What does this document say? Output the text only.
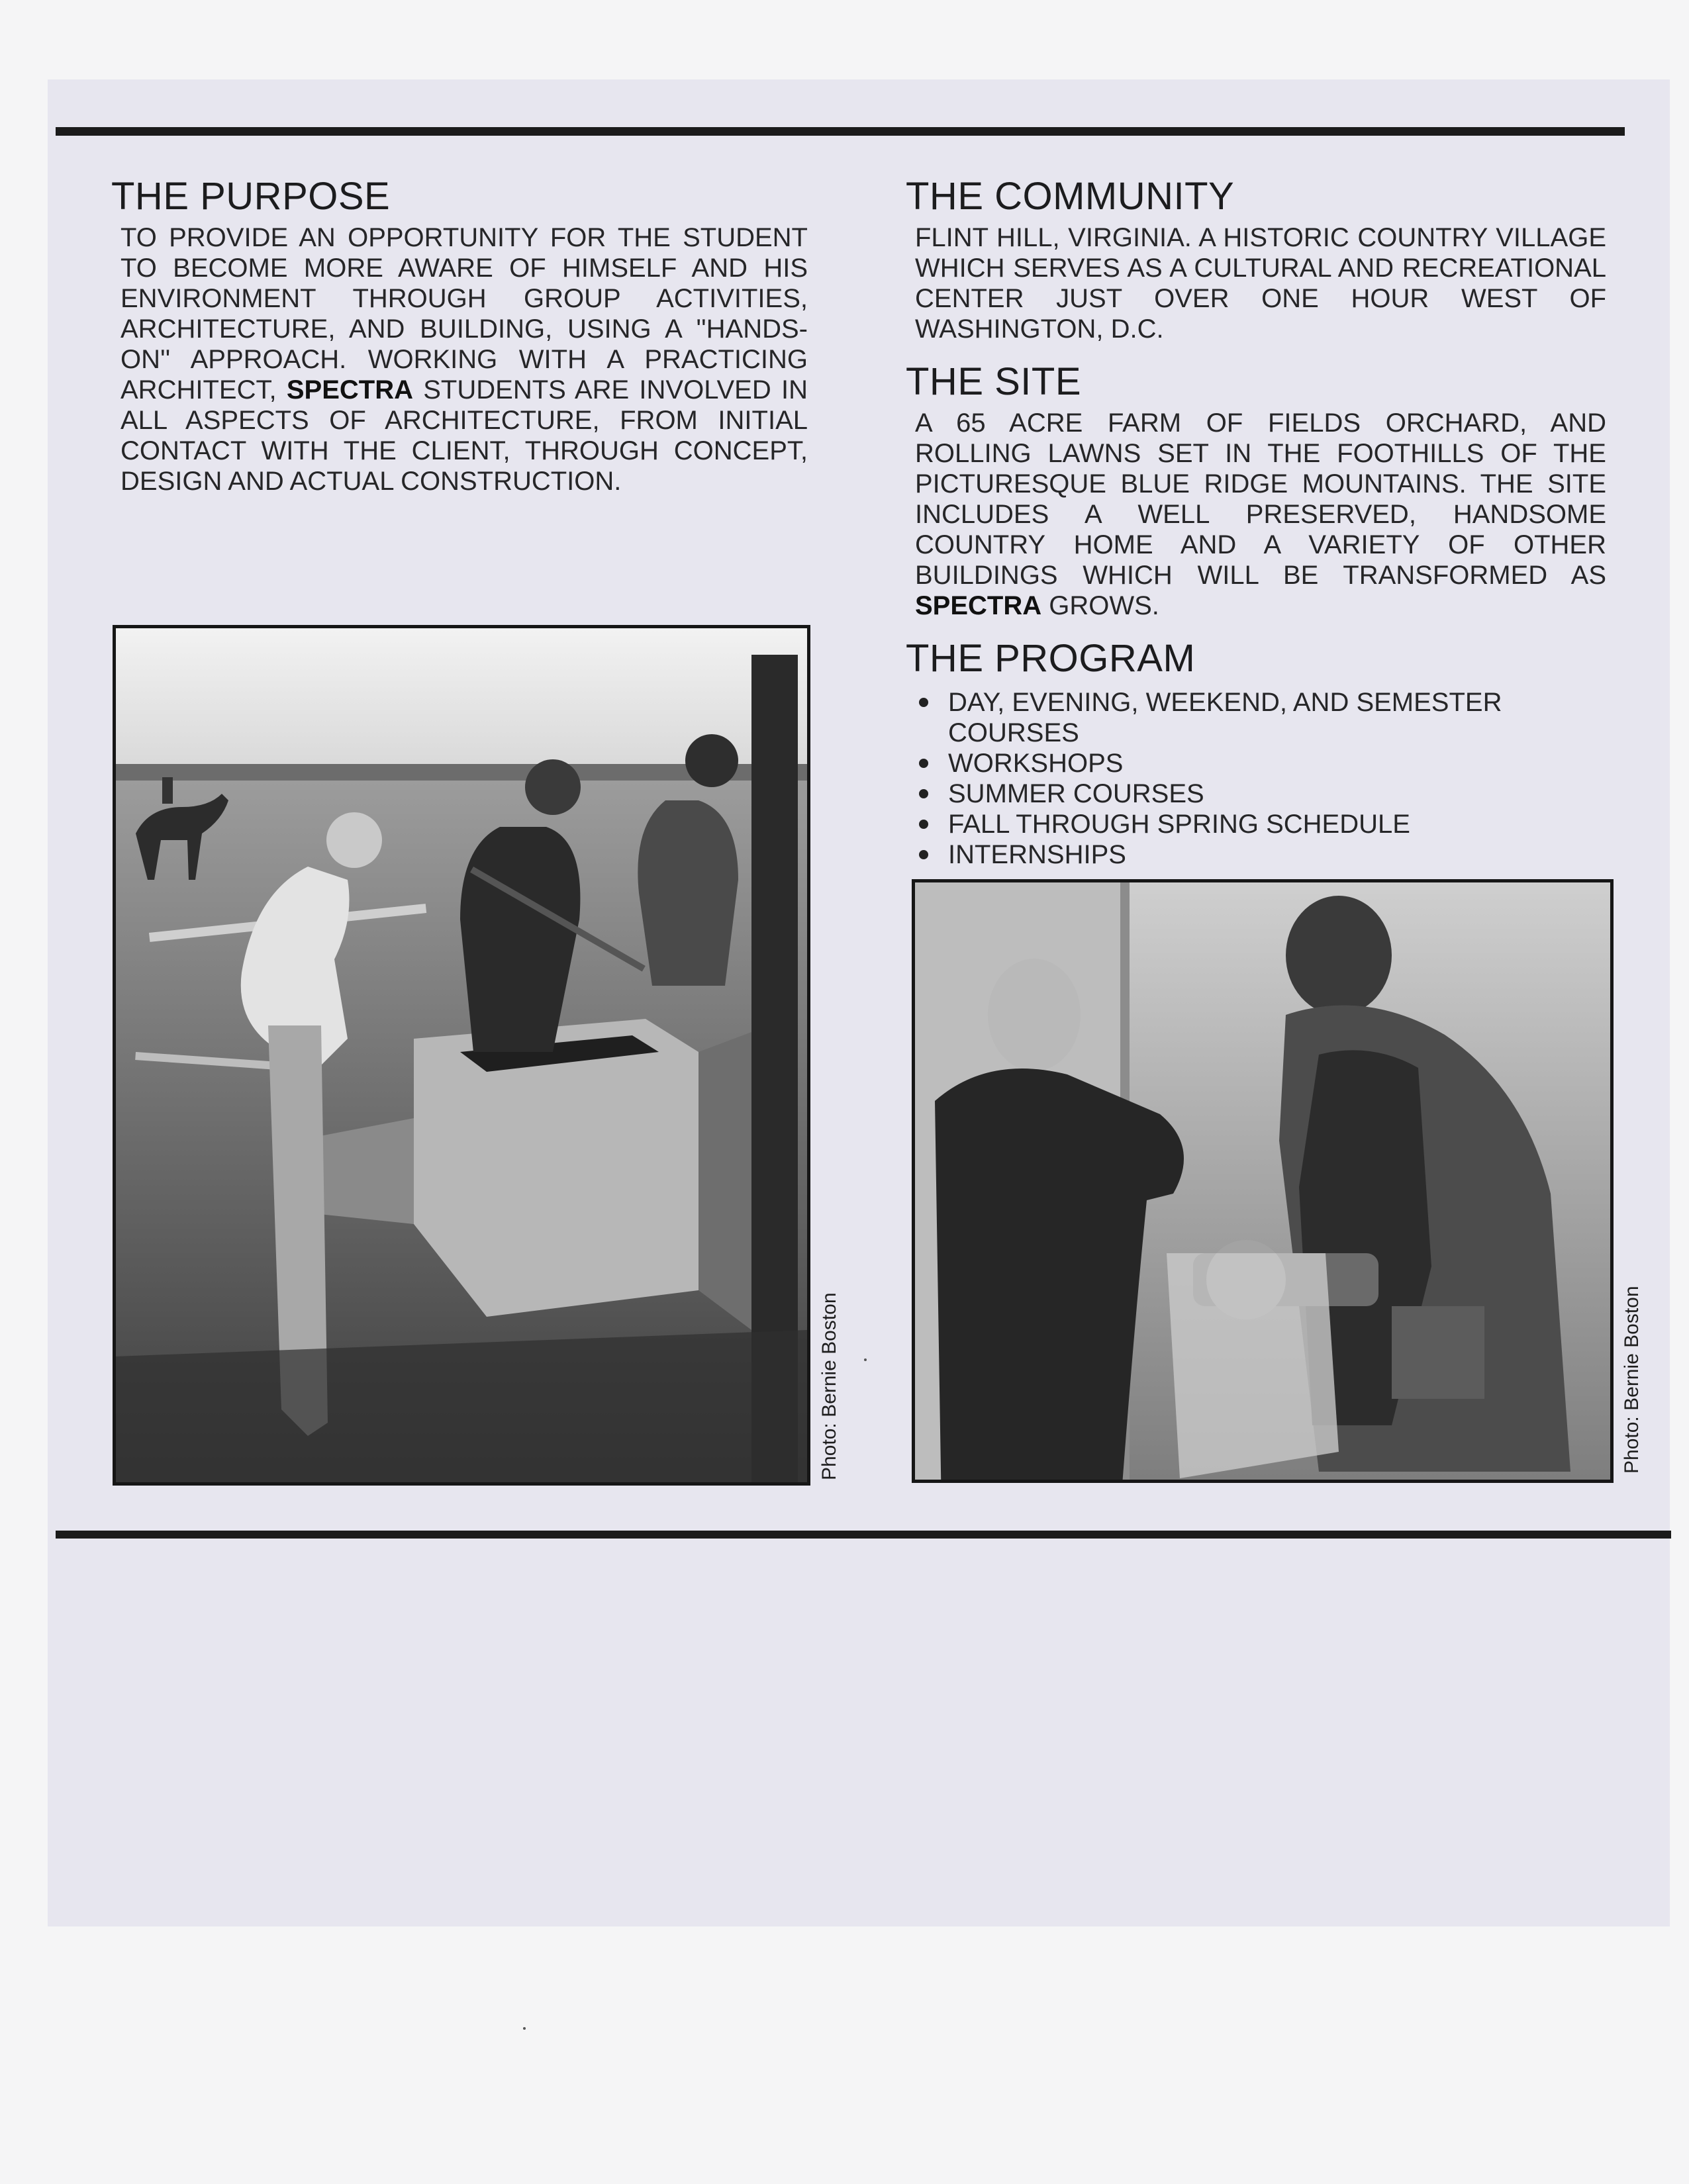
THE PURPOSE

TO PROVIDE AN OPPORTUNITY FOR THE STUDENT TO BECOME MORE AWARE OF HIMSELF AND HIS ENVIRONMENT THROUGH GROUP ACTIVITIES, ARCHITECTURE, AND BUILDING, USING A ''HANDS-ON'' APPROACH. WORKING WITH A PRACTICING ARCHITECT, SPECTRA STUDENTS ARE INVOLVED IN ALL ASPECTS OF ARCHITECTURE, FROM INITIAL CONTACT WITH THE CLIENT, THROUGH CONCEPT, DESIGN AND ACTUAL CONSTRUCTION.

Photo: Bernie Boston
THE COMMUNITY

FLINT HILL, VIRGINIA. A HISTORIC COUNTRY VILLAGE WHICH SERVES AS A CULTURAL AND RECREATIONAL CENTER JUST OVER ONE HOUR WEST OF WASHINGTON, D.C.

THE SITE

A 65 ACRE FARM OF FIELDS ORCHARD, AND ROLLING LAWNS SET IN THE FOOTHILLS OF THE PICTURESQUE BLUE RIDGE MOUNTAINS. THE SITE INCLUDES A WELL PRESERVED, HANDSOME COUNTRY HOME AND A VARIETY OF OTHER BUILDINGS WHICH WILL BE TRANSFORMED AS SPECTRA GROWS.

THE PROGRAM
DAY, EVENING, WEEKEND, AND SEMESTER COURSES
WORKSHOPS
SUMMER COURSES
FALL THROUGH SPRING SCHEDULE
INTERNSHIPS
Photo: Bernie Boston
